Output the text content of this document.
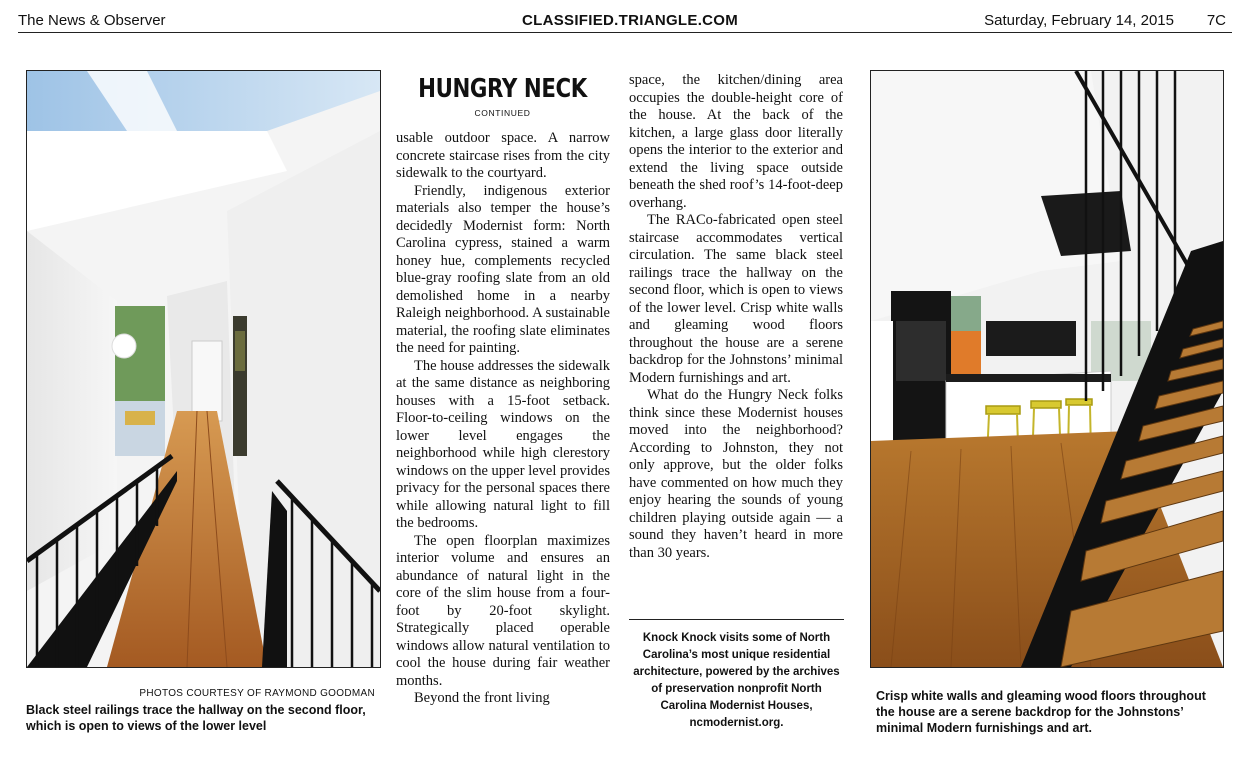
The News & Observer	CLASSIFIED.TRIANGLE.COM	Saturday, February 14, 2015 7C
PHOTOS COURTESY OF RAYMOND GOODMAN
Black steel railings trace the hallway on the second floor, which is open to views of the lower level
HUNGRY NECK
CONTINUED

usable outdoor space. A narrow concrete staircase rises from the city sidewalk to the courtyard.

Friendly, indigenous exterior materials also temper the house’s decidedly Modernist form: North Carolina cypress, stained a warm honey hue, complements recycled blue-gray roofing slate from an old demolished home in a nearby Raleigh neighborhood. A sustainable material, the roofing slate eliminates the need for painting.

The house addresses the sidewalk at the same distance as neighboring houses with a 15-foot setback. Floor-to-ceiling windows on the lower level engages the neighborhood while high clerestory windows on the upper level provides privacy for the personal spaces there while allowing natural light to fill the bedrooms.

The open floorplan maximizes interior volume and ensures an abundance of natural light in the core of the slim house from a four-foot by 20-foot skylight. Strategically placed operable windows allow natural ventilation to cool the house during fair weather months.

Beyond the front living

space, the kitchen/dining area occupies the double-height core of the house. At the back of the kitchen, a large glass door literally opens the interior to the exterior and extend the living space outside beneath the shed roof’s 14-foot-deep overhang.

The RACo-fabricated open steel staircase accommodates vertical circulation. The same black steel railings trace the hallway on the second floor, which is open to views of the lower level. Crisp white walls and gleaming wood floors throughout the house are a serene backdrop for the Johnstons’ minimal Modern furnishings and art.

What do the Hungry Neck folks think since these Modernist houses moved into the neighborhood? According to Johnston, they not only approve, but the older folks have commented on how much they enjoy hearing the sounds of young children playing outside again — a sound they haven’t heard in more than 30 years.

Knock Knock visits some of North Carolina’s most unique residential architecture, powered by the archives of preservation nonprofit North Carolina Modernist Houses, ncmodernist.org.
Crisp white walls and gleaming wood floors throughout the house are a serene backdrop for the Johnstons’ minimal Modern furnishings and art.
